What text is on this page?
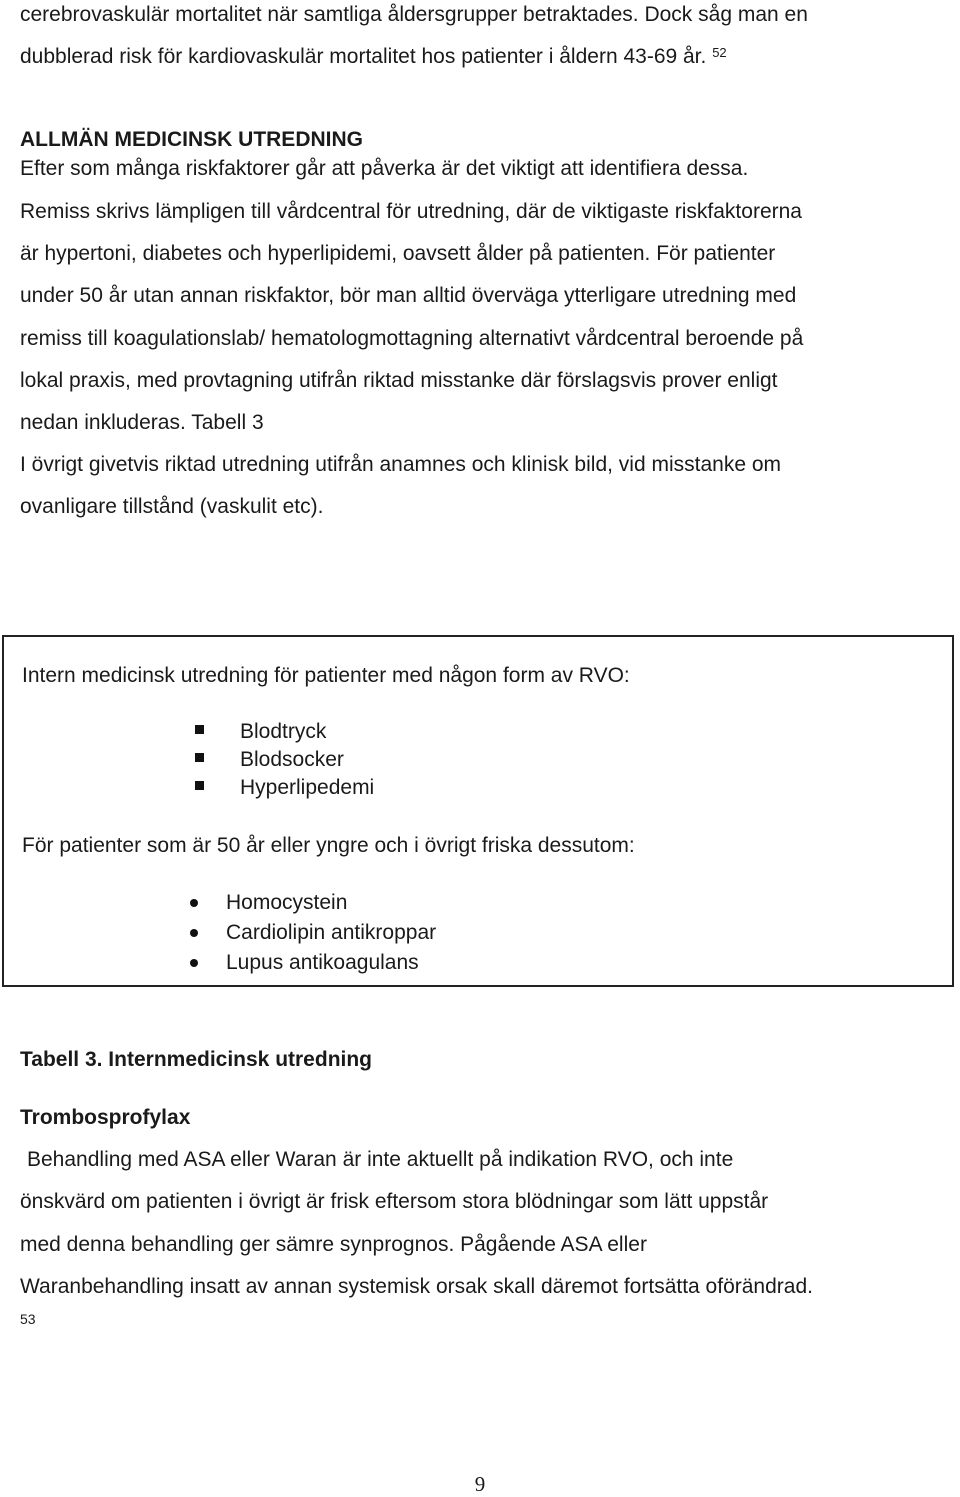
cerebrovaskulär mortalitet när samtliga åldersgrupper betraktades. Dock såg man en
dubblerad risk för kardiovaskulär mortalitet hos patienter i åldern 43-69 år. $^{52}$
ALLMÄN MEDICINSK UTREDNING
Efter som många riskfaktorer går att påverka är det viktigt att identifiera dessa.
Remiss skrivs lämpligen till vårdcentral för utredning, där de viktigaste riskfaktorerna
är hypertoni, diabetes och hyperlipidemi, oavsett ålder på patienten. För patienter
under 50 år utan annan riskfaktor, bör man alltid överväga ytterligare utredning med
remiss till koagulationslab/ hematologmottagning alternativt vårdcentral beroende på
lokal praxis, med provtagning utifrån riktad misstanke där förslagsvis prover enligt
nedan inkluderas. Tabell 3
I övrigt givetvis riktad utredning utifrån anamnes och klinisk bild, vid misstanke om
ovanligare tillstånd (vaskulit etc).
Intern medicinsk utredning för patienter med någon form av RVO:
Blodtryck
Blodsocker
Hyperlipedemi
För patienter som är 50 år eller yngre och i övrigt friska dessutom:
Homocystein
Cardiolipin antikroppar
Lupus antikoagulans
Tabell 3. Internmedicinsk utredning
Trombosprofylax
Behandling med ASA eller Waran är inte aktuellt på indikation RVO, och inte
önskvärd om patienten i övrigt är frisk eftersom stora blödningar som lätt uppstår
med denna behandling ger sämre synprognos. Pågående ASA eller
Waranbehandling insatt av annan systemisk orsak skall däremot fortsätta oförändrad.
53
9
